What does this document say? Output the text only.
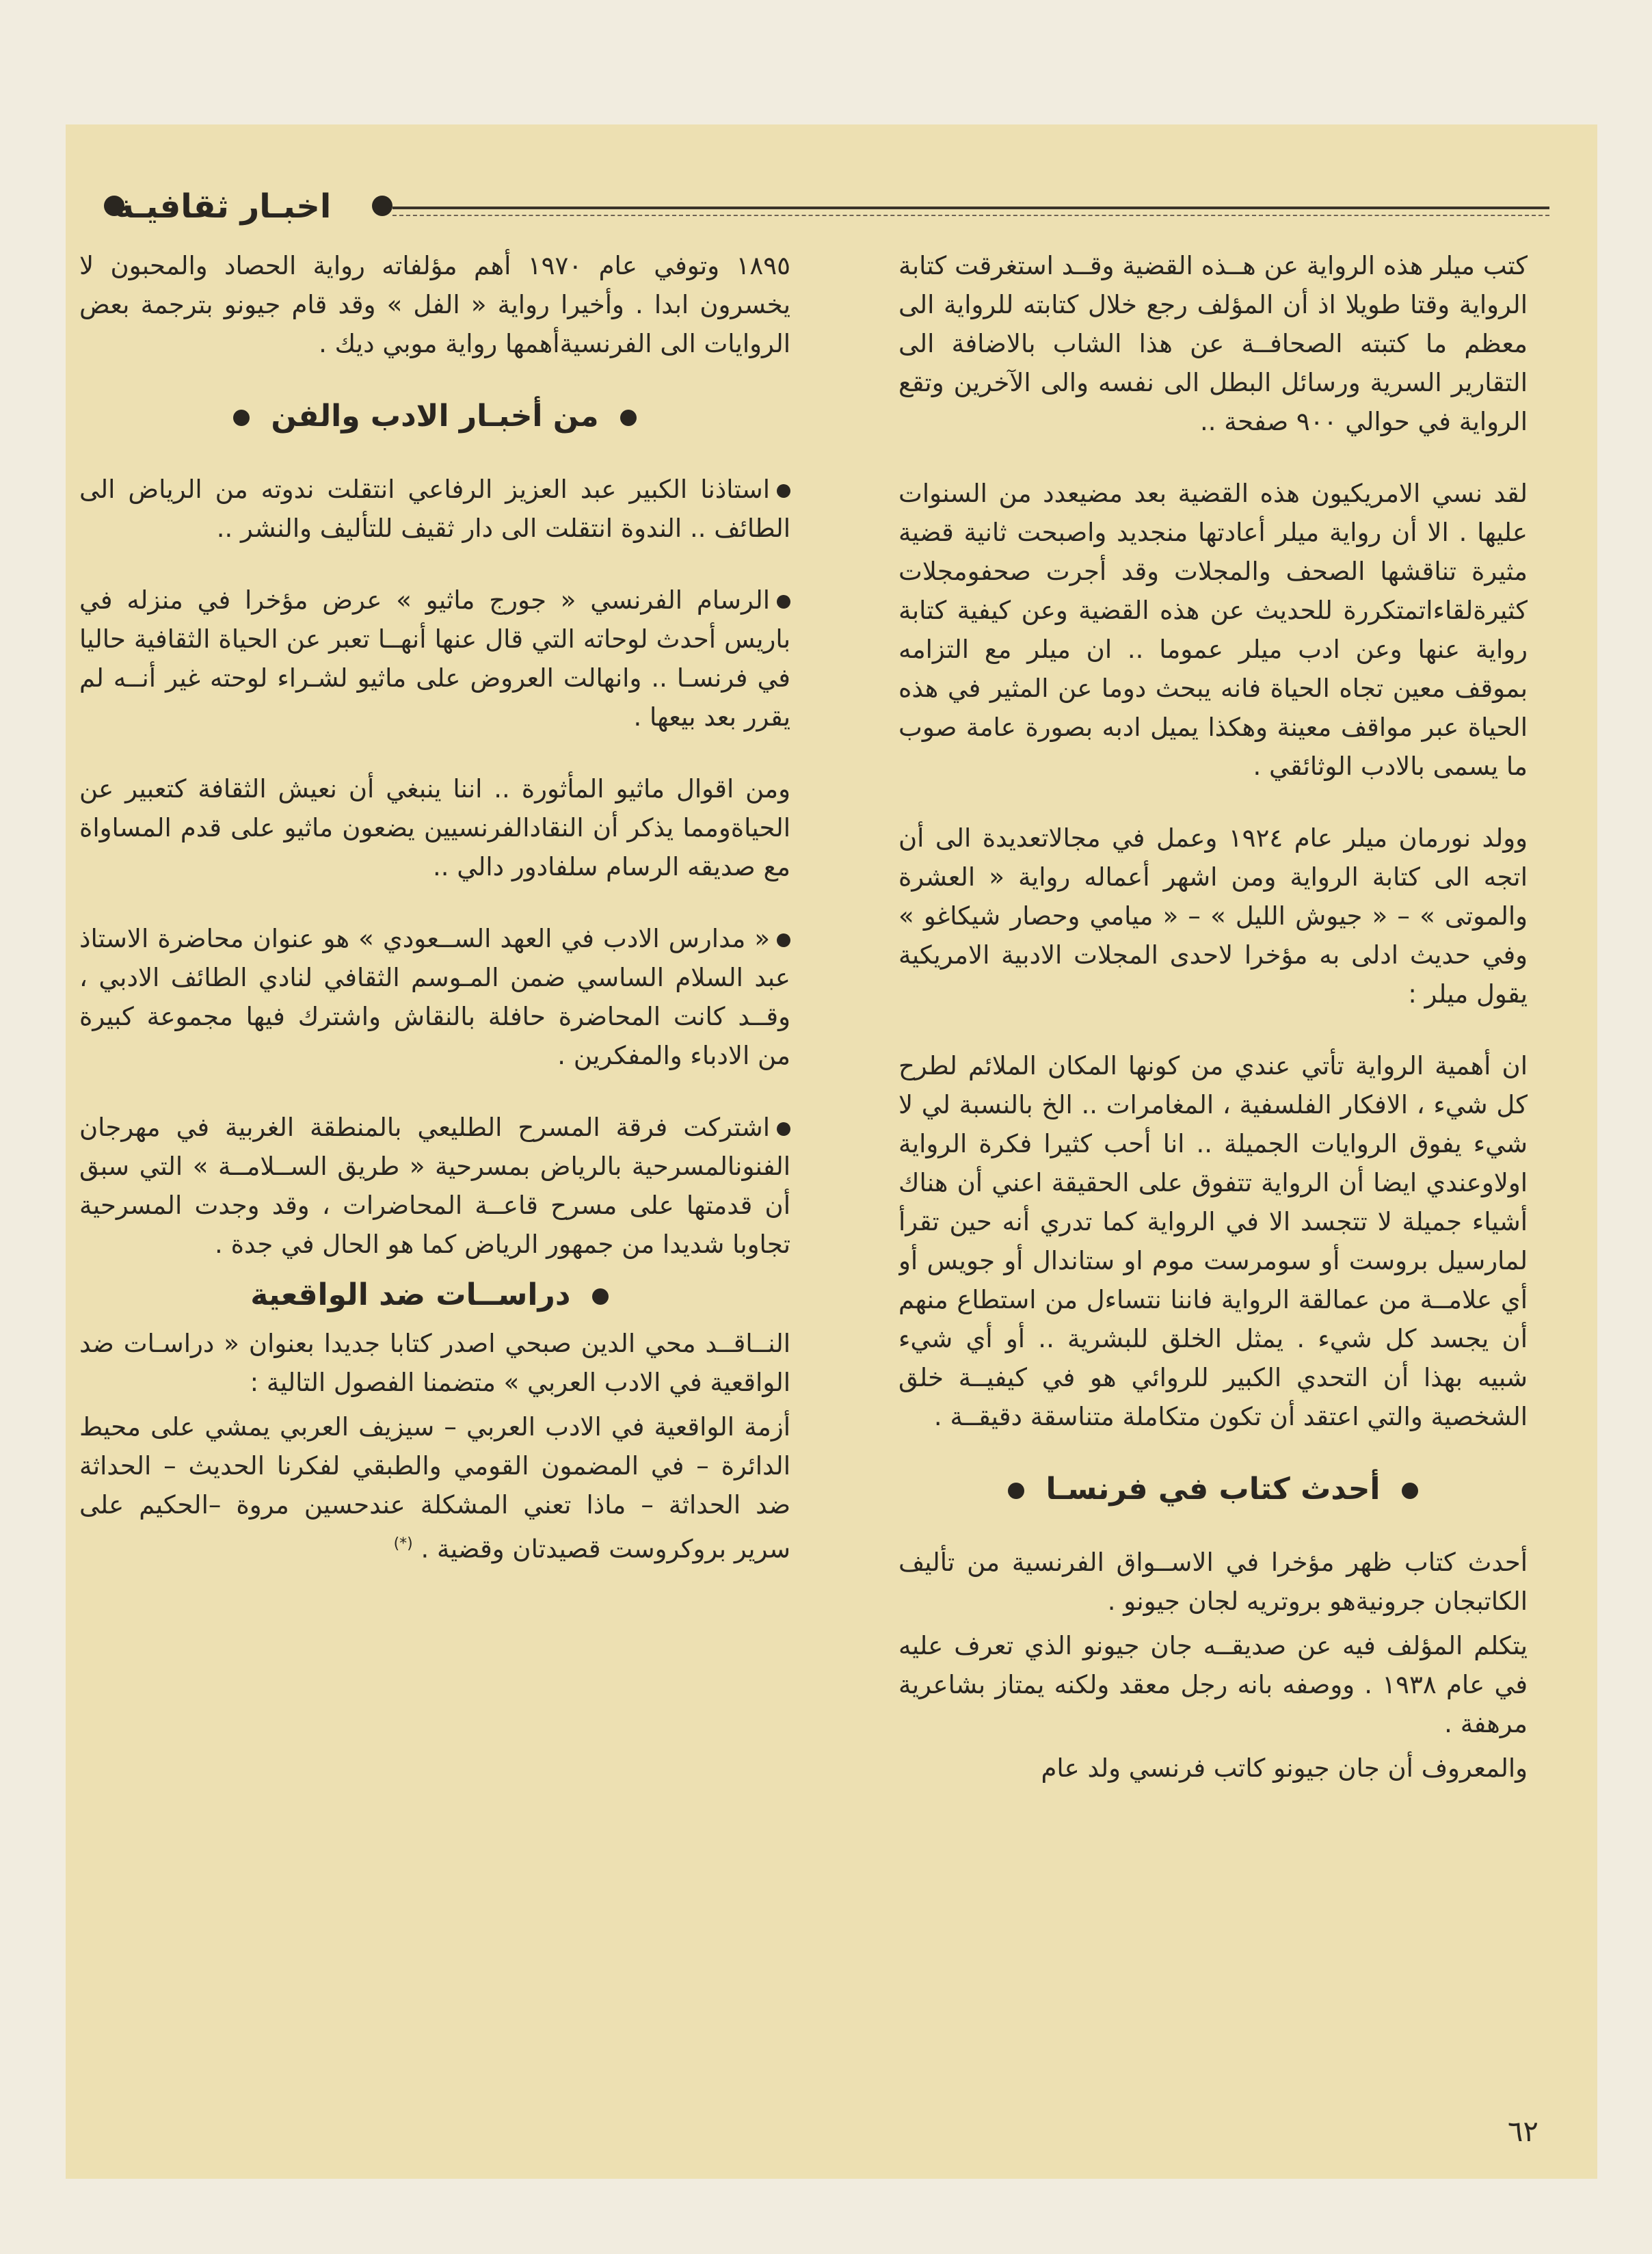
اخبـار ثقافيـة

كتب ميلر هذه الرواية عن هــذه القضية وقــد استغرقت كتابة الرواية وقتا طويلا اذ أن المؤلف رجع خلال كتابته للرواية الى معظم ما كتبته الصحافــة عن هذا الشاب بالاضافة الى التقارير السرية ورسائل البطل الى نفسه والى الآخرين وتقع الرواية في حوالي ٩٠٠ صفحة ..

لقد نسي الامريكيون هذه القضية بعد مضيعدد من السنوات عليها . الا أن رواية ميلر أعادتها منجديد واصبحت ثانية قضية مثيرة تناقشها الصحف والمجلات وقد أجرت صحفومجلات كثيرةلقاءاتمتكررة للحديث عن هذه القضية وعن كيفية كتابة رواية عنها وعن ادب ميلر عموما .. ان ميلر مع التزامه بموقف معين تجاه الحياة فانه يبحث دوما عن المثير في هذه الحياة عبر مواقف معينة وهكذا يميل ادبه بصورة عامة صوب ما يسمى بالادب الوثائقي .

وولد نورمان ميلر عام ١٩٢٤ وعمل في مجالاتعديدة الى أن اتجه الى كتابة الرواية ومن اشهر أعماله رواية « العشرة والموتى » – « جيوش الليل » – « ميامي وحصار شيكاغو » وفي حديث ادلى به مؤخرا لاحدى المجلات الادبية الامريكية يقول ميلر :

ان أهمية الرواية تأتي عندي من كونها المكان الملائم لطرح كل شيء ، الافكار الفلسفية ، المغامرات .. الخ بالنسبة لي لا شيء يفوق الروايات الجميلة .. انا أحب كثيرا فكرة الرواية اولاوعندي ايضا أن الرواية تتفوق على الحقيقة اعني أن هناك أشياء جميلة لا تتجسد الا في الرواية كما تدري أنه حين تقرأ لمارسيل بروست أو سومرست موم او ستاندال أو جويس أو أي علامــة من عمالقة الرواية فاننا نتساءل من استطاع منهم أن يجسد كل شيء . يمثل الخلق للبشرية .. أو أي شيء شبيه بهذا أن التحدي الكبير للروائي هو في كيفيــة خلق الشخصية والتي اعتقد أن تكون متكاملة متناسقة دقيقــة .

أحدث كتاب في فرنسـا

أحدث كتاب ظهر مؤخرا في الاســواق الفرنسية من تأليف الكاتبجان جرونيةهو بروتريه لجان جيونو .

يتكلم المؤلف فيه عن صديقــه جان جيونو الذي تعرف عليه في عام ١٩٣٨ . ووصفه بانه رجل معقد ولكنه يمتاز بشاعرية مرهفة .

والمعروف أن جان جيونو كاتب فرنسي ولد عام

١٨٩٥ وتوفي عام ١٩٧٠ أهم مؤلفاته رواية الحصاد والمحبون لا يخسرون ابدا . وأخيرا رواية « الفل » وقد قام جيونو بترجمة بعض الروايات الى الفرنسيةأهمها رواية موبي ديك .

من أخبـار الادب والفن

استاذنا الكبير عبد العزيز الرفاعي انتقلت ندوته من الرياض الى الطائف .. الندوة انتقلت الى دار ثقيف للتأليف والنشر ..

الرسام الفرنسي « جورج ماثيو » عرض مؤخرا في منزله في باريس أحدث لوحاته التي قال عنها أنهــا تعبر عن الحياة الثقافية حاليا في فرنسـا .. وانهالت العروض على ماثيو لشـراء لوحته غير أنــه لم يقرر بعد بيعها .

ومن اقوال ماثيو المأثورة .. اننا ينبغي أن نعيش الثقافة كتعبير عن الحياةومما يذكر أن النقادالفرنسيين يضعون ماثيو على قدم المساواة مع صديقه الرسام سلفادور دالي ..

« مدارس الادب في العهد الســعودي » هو عنوان محاضرة الاستاذ عبد السلام الساسي ضمن المـوسم الثقافي لنادي الطائف الادبي ، وقــد كانت المحاضرة حافلة بالنقاش واشترك فيها مجموعة كبيرة من الادباء والمفكرين .

اشتركت فرقة المسرح الطليعي بالمنطقة الغربية في مهرجان الفنونالمسرحية بالرياض بمسرحية « طريق الســلامــة » التي سبق أن قدمتها على مسرح قاعــة المحاضرات ، وقد وجدت المسرحية تجاوبا شديدا من جمهور الرياض كما هو الحال في جدة .

دراســات ضد الواقعية

النــاقــد محي الدين صبحي اصدر كتابا جديدا بعنوان « دراسـات ضد الواقعية في الادب العربي » متضمنا الفصول التالية :

أزمة الواقعية في الادب العربي – سيزيف العربي يمشي على محيط الدائرة – في المضمون القومي والطبقي لفكرنا الحديث – الحداثة ضد الحداثة – ماذا تعني المشكلة عندحسين مروة –الحكيم على سرير بروكروست قصيدتان وقضية . (*)

٦٢
